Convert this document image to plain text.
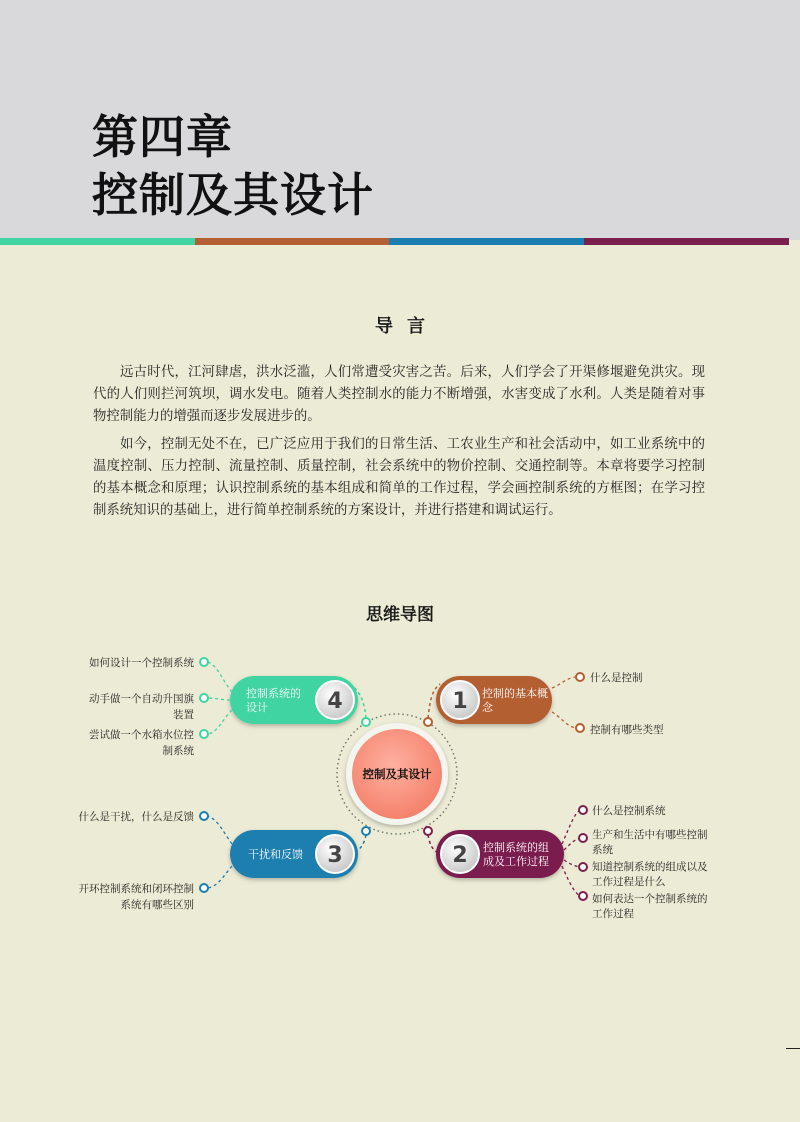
第四章
控制及其设计
导言

远古时代，江河肆虐，洪水泛滥，人们常遭受灾害之苦。后来，人们学会了开渠修堰避免洪灾。现代的人们则拦河筑坝，调水发电。随着人类控制水的能力不断增强，水害变成了水利。人类是随着对事物控制能力的增强而逐步发展进步的。

如今，控制无处不在，已广泛应用于我们的日常生活、工农业生产和社会活动中，如工业系统中的温度控制、压力控制、流量控制、质量控制，社会系统中的物价控制、交通控制等。本章将要学习控制的基本概念和原理；认识控制系统的基本组成和简单的工作过程，学会画控制系统的方框图；在学习控制系统知识的基础上，进行简单控制系统的方案设计，并进行搭建和调试运行。

思维导图
控制及其设计
1 控制的基本概
念
什么是控制
控制有哪些类型
4
控制系统的
设计
如何设计一个控制系统
动手做一个自动升国旗
装置
尝试做一个水箱水位控
制系统
3
干扰和反馈
什么是干扰，什么是反馈
开环控制系统和闭环控制
系统有哪些区别
2 控制系统的组
成及工作过程
什么是控制系统
生产和生活中有哪些控制
系统
知道控制系统的组成以及
工作过程是什么
如何表达一个控制系统的
工作过程
